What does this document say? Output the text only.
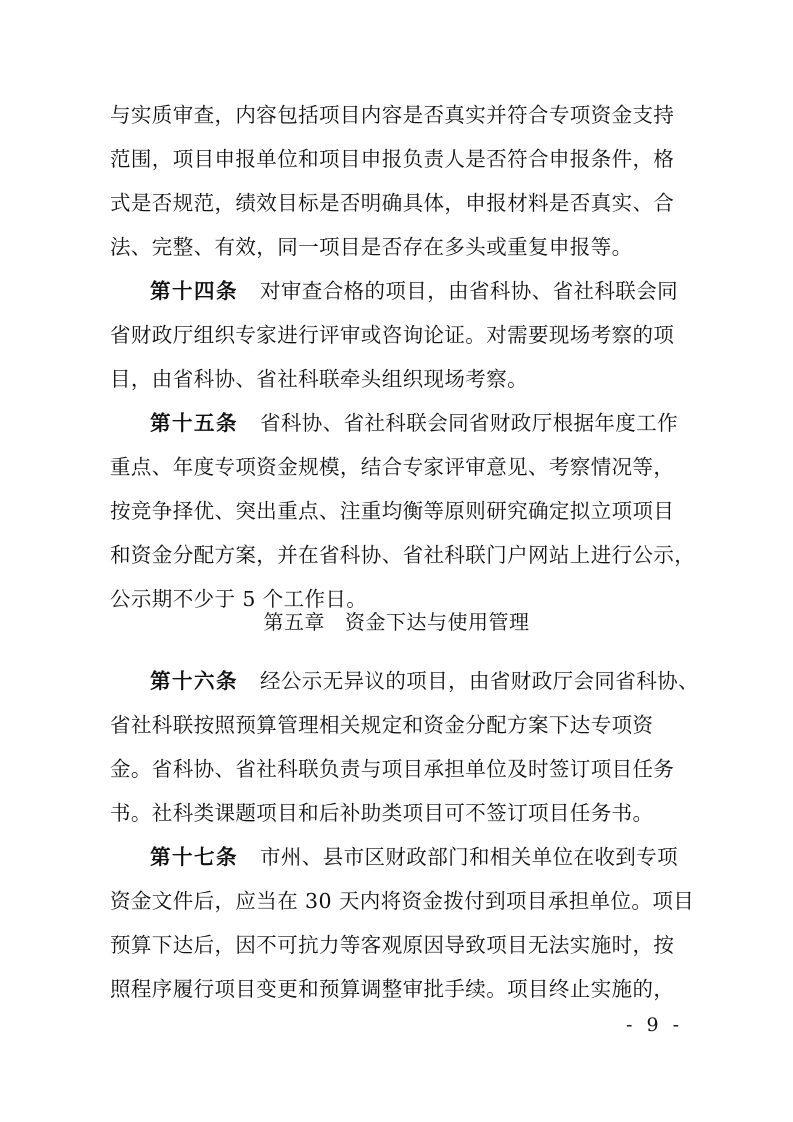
与实质审查，内容包括项目内容是否真实并符合专项资金支持
范围，项目申报单位和项目申报负责人是否符合申报条件，格
式是否规范，绩效目标是否明确具体，申报材料是否真实、合
法、完整、有效，同一项目是否存在多头或重复申报等。
第十四条 对审查合格的项目，由省科协、省社科联会同
省财政厅组织专家进行评审或咨询论证。对需要现场考察的项
目，由省科协、省社科联牵头组织现场考察。
第十五条 省科协、省社科联会同省财政厅根据年度工作
重点、年度专项资金规模，结合专家评审意见、考察情况等，
按竞争择优、突出重点、注重均衡等原则研究确定拟立项项目
和资金分配方案，并在省科协、省社科联门户网站上进行公示，
公示期不少于 5 个工作日。
第五章 资金下达与使用管理
第十六条 经公示无异议的项目，由省财政厅会同省科协、
省社科联按照预算管理相关规定和资金分配方案下达专项资
金。省科协、省社科联负责与项目承担单位及时签订项目任务
书。社科类课题项目和后补助类项目可不签订项目任务书。
第十七条 市州、县市区财政部门和相关单位在收到专项
资金文件后，应当在 30 天内将资金拨付到项目承担单位。项目
预算下达后，因不可抗力等客观原因导致项目无法实施时，按
照程序履行项目变更和预算调整审批手续。项目终止实施的，
- 9 -
